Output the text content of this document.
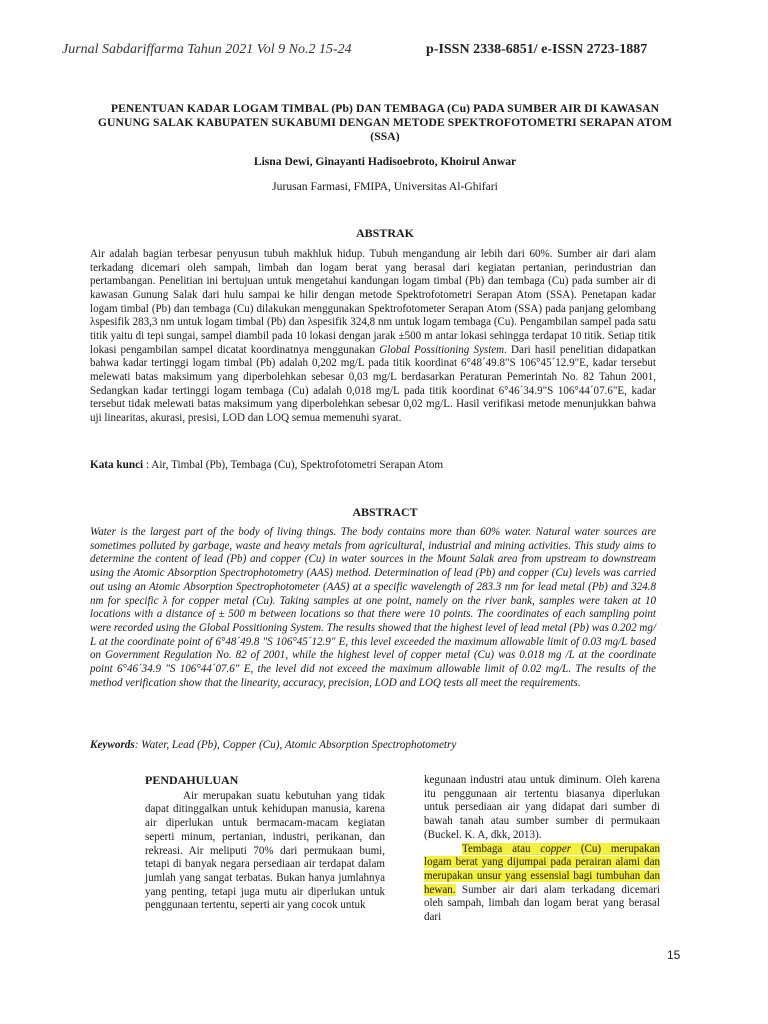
Jurnal Sabdariffarma Tahun 2021 Vol 9 No.2 15-24	p-ISSN 2338-6851/ e-ISSN 2723-1887
PENENTUAN KADAR LOGAM TIMBAL (Pb) DAN TEMBAGA (Cu) PADA SUMBER AIR DI KAWASAN GUNUNG SALAK KABUPATEN SUKABUMI DENGAN METODE SPEKTROFOTOMETRI SERAPAN ATOM (SSA)
Lisna Dewi, Ginayanti Hadisoebroto, Khoirul Anwar
Jurusan Farmasi, FMIPA, Universitas Al-Ghifari
ABSTRAK
Air adalah bagian terbesar penyusun tubuh makhluk hidup. Tubuh mengandung air lebih dari 60%. Sumber air dari alam terkadang dicemari oleh sampah, limbah dan logam berat yang berasal dari kegiatan pertanian, perindustrian dan pertambangan. Penelitian ini bertujuan untuk mengetahui kandungan logam timbal (Pb) dan tembaga (Cu) pada sumber air di kawasan Gunung Salak dari hulu sampai ke hilir dengan metode Spektrofotometri Serapan Atom (SSA). Penetapan kadar logam timbal (Pb) dan tembaga (Cu) dilakukan menggunakan Spektrofotometer Serapan Atom (SSA) pada panjang gelombang λspesifik 283,3 nm untuk logam timbal (Pb) dan λspesifik 324,8 nm untuk logam tembaga (Cu). Pengambilan sampel pada satu titik yaitu di tepi sungai, sampel diambil pada 10 lokasi dengan jarak ±500 m antar lokasi sehingga terdapat 10 titik. Setiap titik lokasi pengambilan sampel dicatat koordinatnya menggunakan Global Possitioning System. Dari hasil penelitian didapatkan bahwa kadar tertinggi logam timbal (Pb) adalah 0,202 mg/L pada titik koordinat 6°48´49.8"S 106°45´12.9"E, kadar tersebut melewati batas maksimum yang diperbolehkan sebesar 0,03 mg/L berdasarkan Peraturan Pemerintah No. 82 Tahun 2001, Sedangkan kadar tertinggi logam tembaga (Cu) adalah 0,018 mg/L pada titik koordinat 6°46´34.9"S 106°44´07.6"E, kadar tersebut tidak melewati batas maksimum yang diperbolehkan sebesar 0,02 mg/L. Hasil verifikasi metode menunjukkan bahwa uji linearitas, akurasi, presisi, LOD dan LOQ semua memenuhi syarat.
Kata kunci : Air, Timbal (Pb), Tembaga (Cu), Spektrofotometri Serapan Atom
ABSTRACT
Water is the largest part of the body of living things. The body contains more than 60% water. Natural water sources are sometimes polluted by garbage, waste and heavy metals from agricultural, industrial and mining activities. This study aims to determine the content of lead (Pb) and copper (Cu) in water sources in the Mount Salak area from upstream to downstream using the Atomic Absorption Spectrophotometry (AAS) method. Determination of lead (Pb) and copper (Cu) levels was carried out using an Atomic Absorption Spectrophotometer (AAS) at a specific wavelength of 283.3 nm for lead metal (Pb) and 324.8 nm for specific λ for copper metal (Cu). Taking samples at one point, namely on the river bank, samples were taken at 10 locations with a distance of ± 500 m between locations so that there were 10 points. The coordinates of each sampling point were recorded using the Global Possitioning System. The results showed that the highest level of lead metal (Pb) was 0.202 mg/ L at the coordinate point of 6°48´49.8 "S 106°45´12.9" E, this level exceeded the maximum allowable limit of 0.03 mg/L based on Government Regulation No. 82 of 2001, while the highest level of copper metal (Cu) was 0.018 mg /L at the coordinate point 6°46´34.9 "S 106°44´07.6" E, the level did not exceed the maximum allowable limit of 0.02 mg/L. The results of the method verification show that the linearity, accuracy, precision, LOD and LOQ tests all meet the requirements.
Keywords: Water, Lead (Pb), Copper (Cu), Atomic Absorption Spectrophotometry
PENDAHULUAN

Air merupakan suatu kebutuhan yang tidak dapat ditinggalkan untuk kehidupan manusia, karena air diperlukan untuk bermacam-macam kegiatan seperti minum, pertanian, industri, perikanan, dan rekreasi. Air meliputi 70% dari permukaan bumi, tetapi di banyak negara persediaan air terdapat dalam jumlah yang sangat terbatas. Bukan hanya jumlahnya yang penting, tetapi juga mutu air diperlukan untuk penggunaan tertentu, seperti air yang cocok untuk

kegunaan industri atau untuk diminum. Oleh karena itu penggunaan air tertentu biasanya diperlukan untuk persediaan air yang didapat dari sumber di bawah tanah atau sumber sumber di permukaan (Buckel. K. A, dkk, 2013).

Tembaga atau copper (Cu) merupakan logam berat yang dijumpai pada perairan alami dan merupakan unsur yang essensial bagi tumbuhan dan hewan. Sumber air dari alam terkadang dicemari oleh sampah, limbah dan logam berat yang berasal dari

15
